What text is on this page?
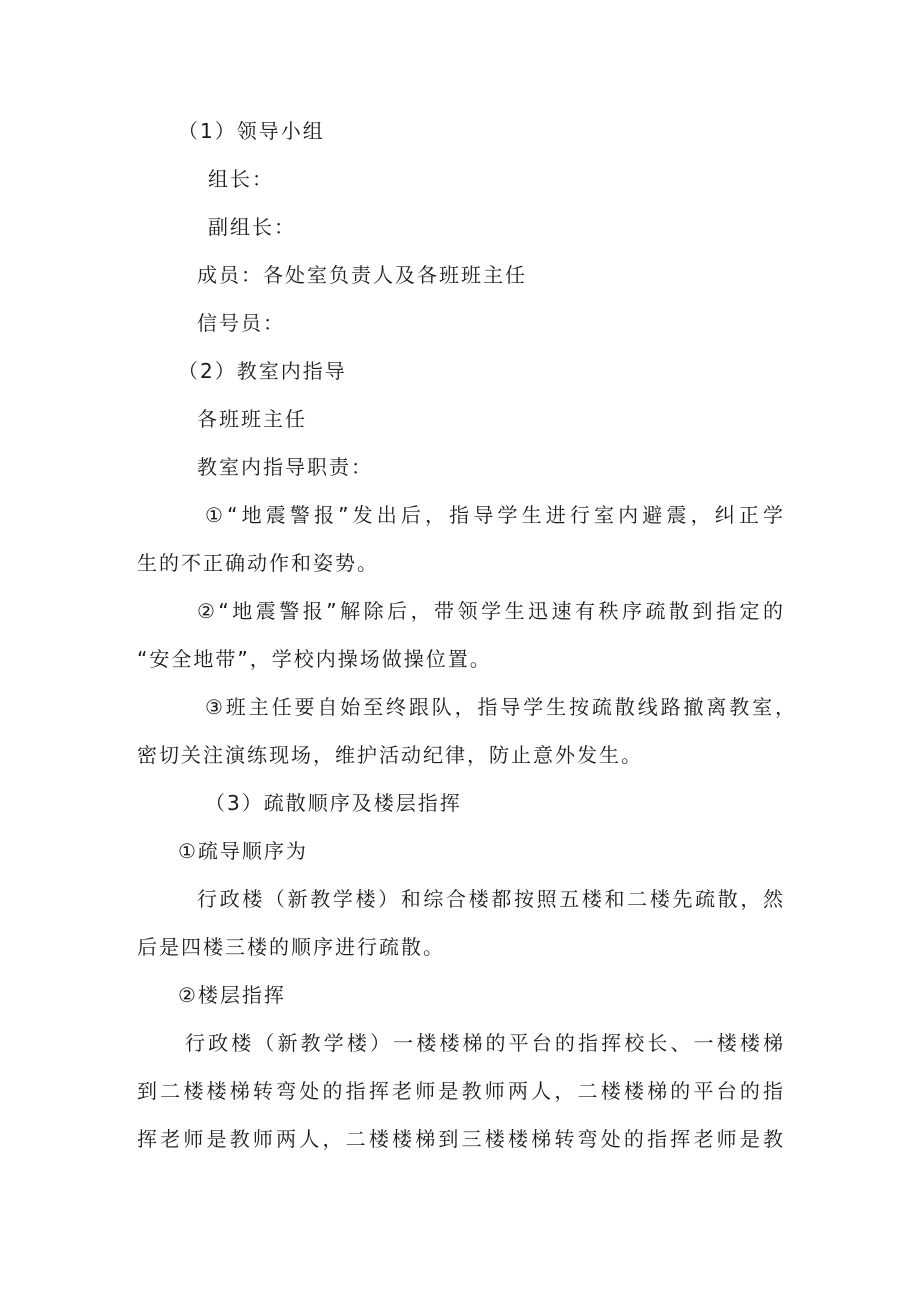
（1）领导小组
组长：
副组长：
成员：各处室负责人及各班班主任
信号员：
（2）教室内指导
各班班主任
教室内指导职责：
①“地震警报”发出后，指导学生进行室内避震，纠正学
生的不正确动作和姿势。
②“地震警报”解除后，带领学生迅速有秩序疏散到指定的
“安全地带”，学校内操场做操位置。
③班主任要自始至终跟队，指导学生按疏散线路撤离教室，
密切关注演练现场，维护活动纪律，防止意外发生。
（3）疏散顺序及楼层指挥
①疏导顺序为
行政楼（新教学楼）和综合楼都按照五楼和二楼先疏散，然
后是四楼三楼的顺序进行疏散。
②楼层指挥
行政楼（新教学楼）一楼楼梯的平台的指挥校长、一楼楼梯
到二楼楼梯转弯处的指挥老师是教师两人，二楼楼梯的平台的指
挥老师是教师两人，二楼楼梯到三楼楼梯转弯处的指挥老师是教
